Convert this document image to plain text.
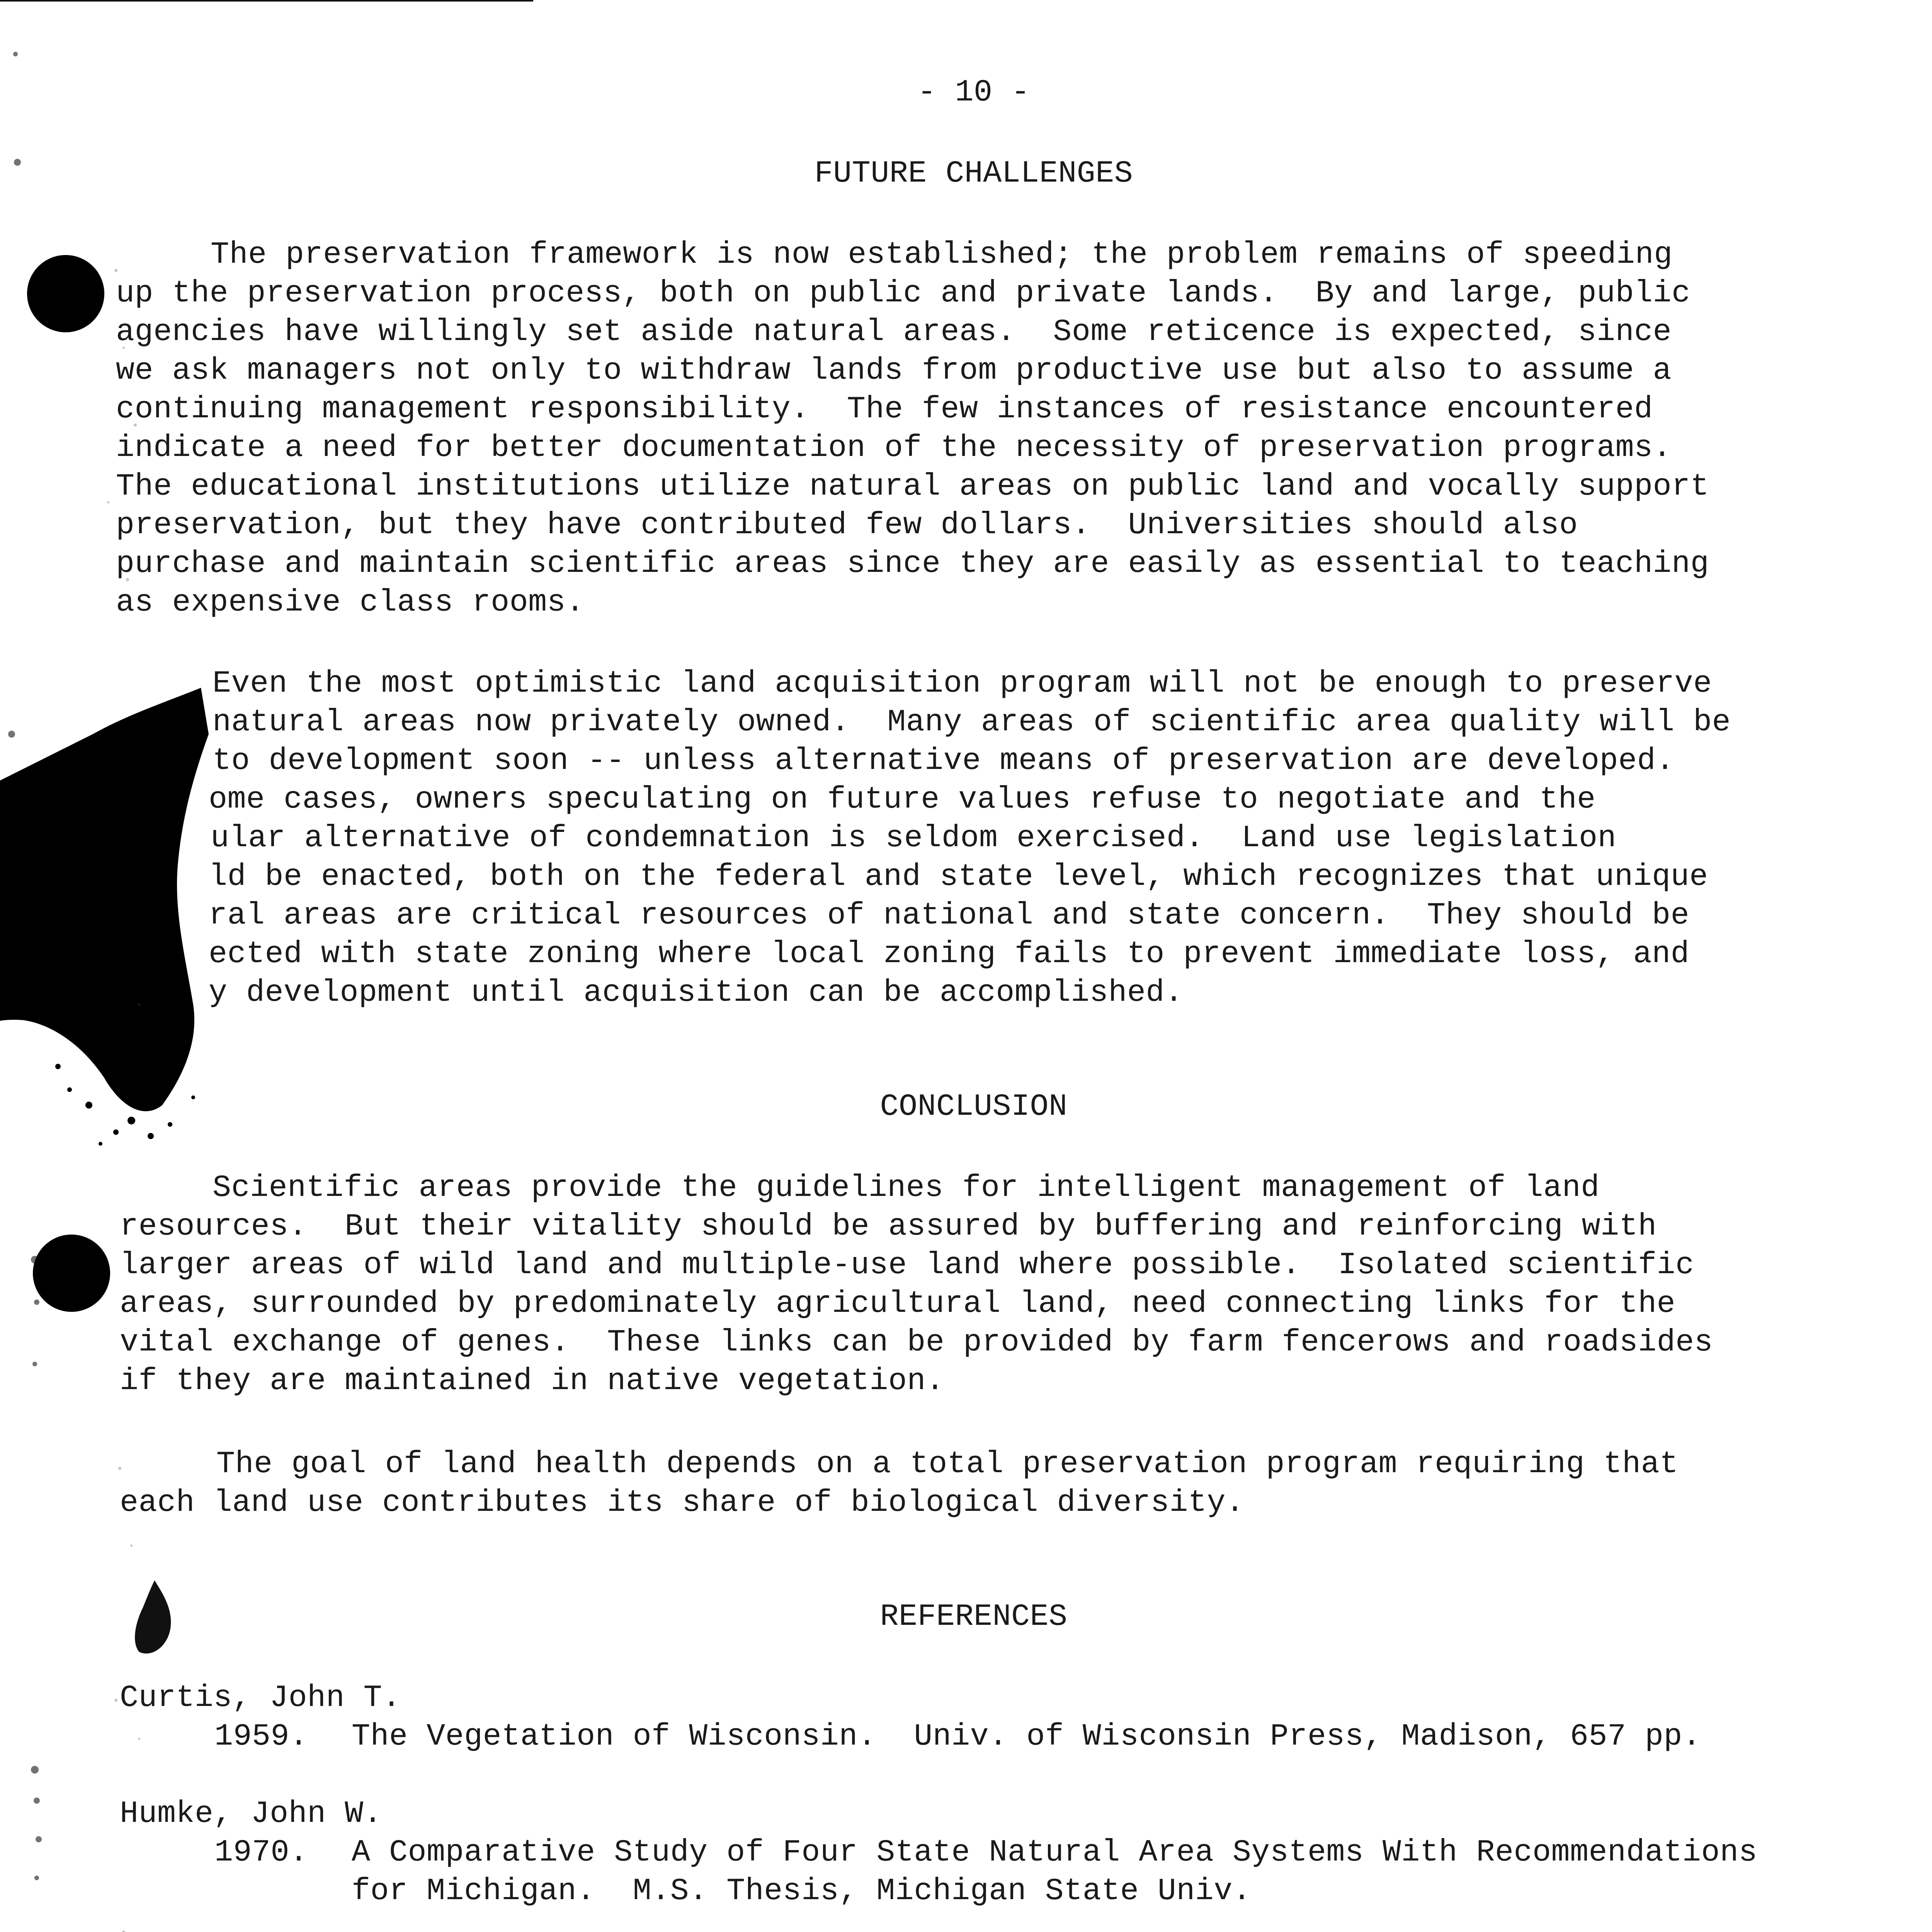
- 10 -
FUTURE CHALLENGES
The preservation framework is now established; the problem remains of speeding
up the preservation process, both on public and private lands.  By and large, public
agencies have willingly set aside natural areas.  Some reticence is expected, since
we ask managers not only to withdraw lands from productive use but also to assume a
continuing management responsibility.  The few instances of resistance encountered
indicate a need for better documentation of the necessity of preservation programs.
The educational institutions utilize natural areas on public land and vocally support
preservation, but they have contributed few dollars.  Universities should also
purchase and maintain scientific areas since they are easily as essential to teaching
as expensive class rooms.
Even the most optimistic land acquisition program will not be enough to preserve
natural areas now privately owned.  Many areas of scientific area quality will be
to development soon -- unless alternative means of preservation are developed.
ome cases, owners speculating on future values refuse to negotiate and the
ular alternative of condemnation is seldom exercised.  Land use legislation
ld be enacted, both on the federal and state level, which recognizes that unique
ral areas are critical resources of national and state concern.  They should be
ected with state zoning where local zoning fails to prevent immediate loss, and
y development until acquisition can be accomplished.
CONCLUSION
Scientific areas provide the guidelines for intelligent management of land
resources.  But their vitality should be assured by buffering and reinforcing with
larger areas of wild land and multiple-use land where possible.  Isolated scientific
areas, surrounded by predominately agricultural land, need connecting links for the
vital exchange of genes.  These links can be provided by farm fencerows and roadsides
if they are maintained in native vegetation.
The goal of land health depends on a total preservation program requiring that
each land use contributes its share of biological diversity.
REFERENCES
Curtis, John T.
1959. The Vegetation of Wisconsin.  Univ. of Wisconsin Press, Madison, 657 pp.
Humke, John W.
1970. A Comparative Study of Four State Natural Area Systems With Recommendations
for Michigan.  M.S. Thesis, Michigan State Univ.
